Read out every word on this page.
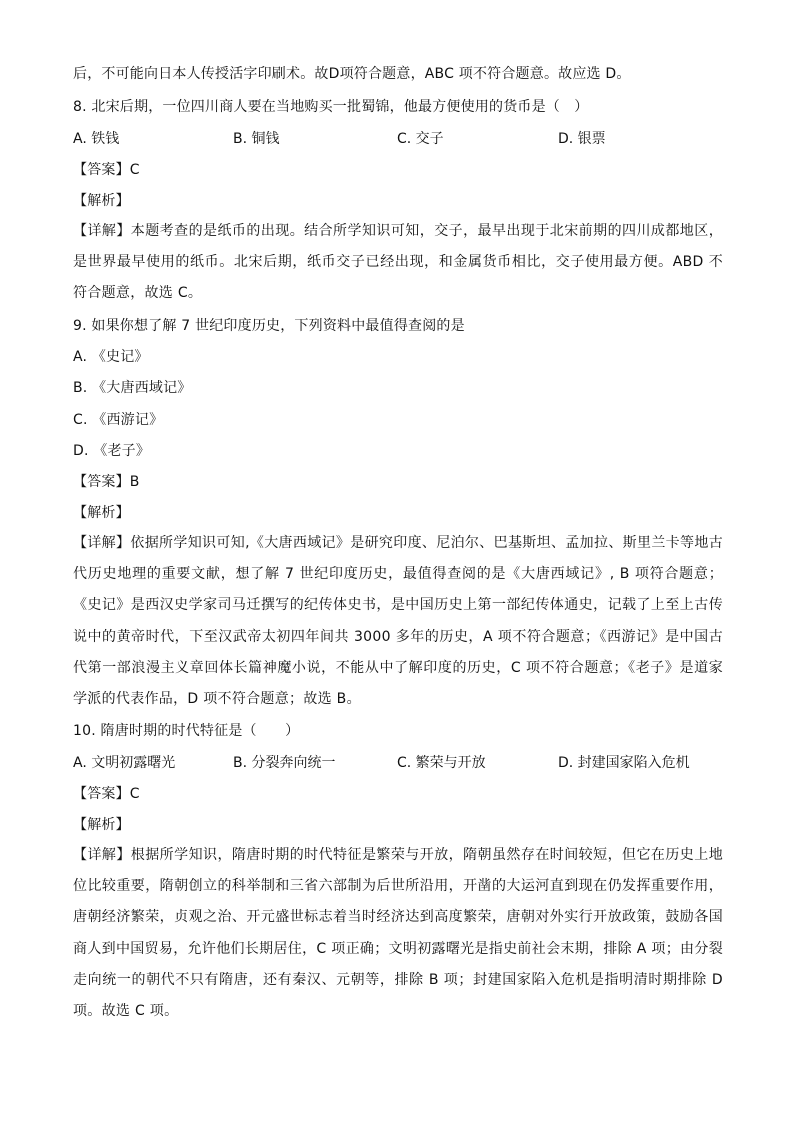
后，不可能向日本人传授活字印刷术。故D项符合题意，ABC 项不符合题意。故应选 D。
8. 北宋后期，一位四川商人要在当地购买一批蜀锦，他最方便使用的货币是（　）
A. 铁钱	B. 铜钱	C. 交子	D. 银票
【答案】C
【解析】
【详解】本题考查的是纸币的出现。结合所学知识可知，交子，最早出现于北宋前期的四川成都地区，是世界最早使用的纸币。北宋后期，纸币交子已经出现，和金属货币相比，交子使用最方便。ABD 不符合题意，故选 C。
9. 如果你想了解 7 世纪印度历史，下列资料中最值得查阅的是
A. 《史记》
B. 《大唐西域记》
C. 《西游记》
D. 《老子》
【答案】B
【解析】
【详解】依据所学知识可知,《大唐西域记》是研究印度、尼泊尔、巴基斯坦、孟加拉、斯里兰卡等地古代历史地理的重要文献，想了解 7 世纪印度历史，最值得查阅的是《大唐西域记》, B 项符合题意；《史记》是西汉史学家司马迁撰写的纪传体史书，是中国历史上第一部纪传体通史，记载了上至上古传说中的黄帝时代，下至汉武帝太初四年间共 3000 多年的历史，A 项不符合题意；《西游记》是中国古代第一部浪漫主义章回体长篇神魔小说，不能从中了解印度的历史，C 项不符合题意；《老子》是道家学派的代表作品，D 项不符合题意；故选 B。
10. 隋唐时期的时代特征是（　　）
A. 文明初露曙光	B. 分裂奔向统一	C. 繁荣与开放	D. 封建国家陷入危机
【答案】C
【解析】
【详解】根据所学知识，隋唐时期的时代特征是繁荣与开放，隋朝虽然存在时间较短，但它在历史上地位比较重要，隋朝创立的科举制和三省六部制为后世所沿用，开凿的大运河直到现在仍发挥重要作用，唐朝经济繁荣，贞观之治、开元盛世标志着当时经济达到高度繁荣，唐朝对外实行开放政策，鼓励各国商人到中国贸易，允许他们长期居住，C 项正确；文明初露曙光是指史前社会末期，排除 A 项；由分裂走向统一的朝代不只有隋唐，还有秦汉、元朝等，排除 B 项；封建国家陷入危机是指明清时期排除 D 项。故选 C 项。
